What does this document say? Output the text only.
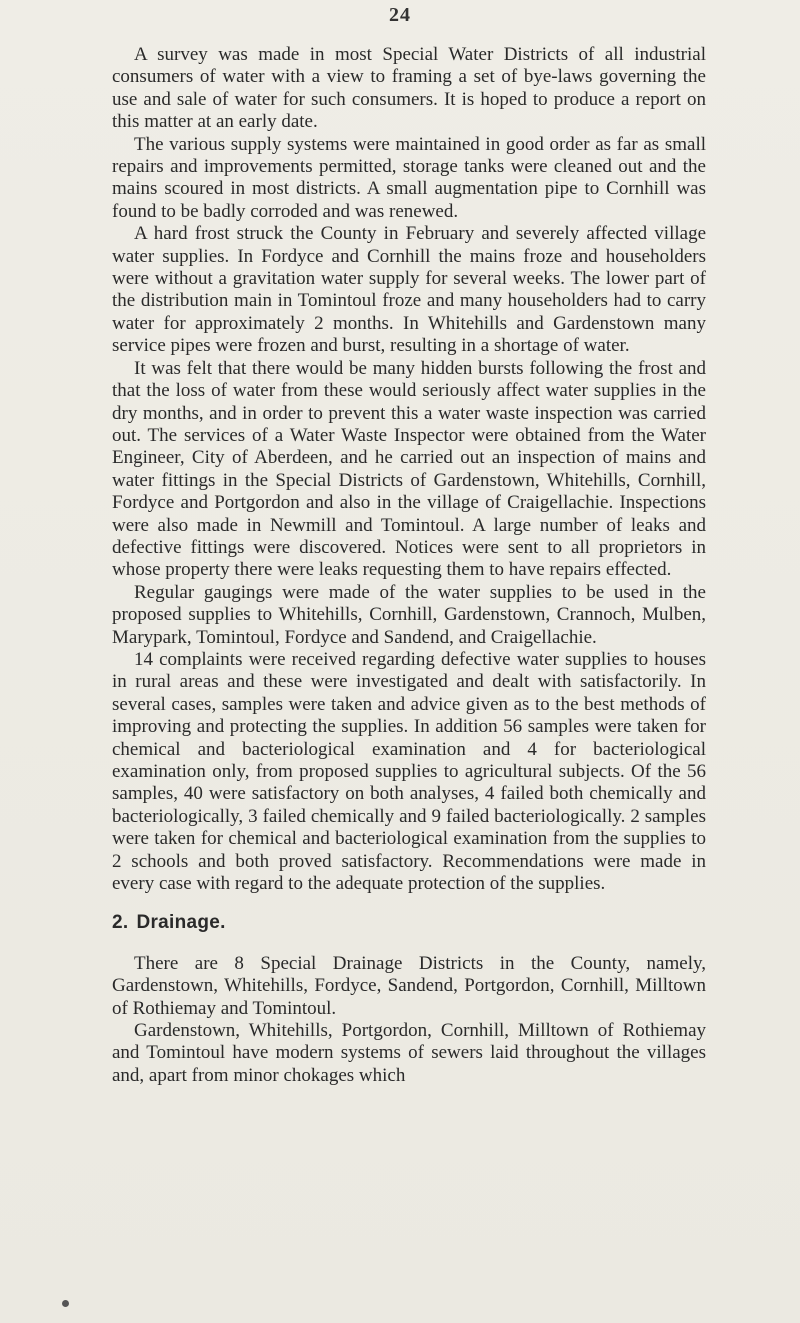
24

A survey was made in most Special Water Districts of all industrial consumers of water with a view to framing a set of bye-laws governing the use and sale of water for such consumers. It is hoped to produce a report on this matter at an early date.

The various supply systems were maintained in good order as far as small repairs and improvements permitted, storage tanks were cleaned out and the mains scoured in most districts. A small augmentation pipe to Cornhill was found to be badly corroded and was renewed.

A hard frost struck the County in February and severely affected village water supplies. In Fordyce and Cornhill the mains froze and householders were without a gravitation water supply for several weeks. The lower part of the distribution main in Tomintoul froze and many householders had to carry water for approximately 2 months. In Whitehills and Gardenstown many service pipes were frozen and burst, resulting in a shortage of water.

It was felt that there would be many hidden bursts following the frost and that the loss of water from these would seriously affect water supplies in the dry months, and in order to prevent this a water waste inspection was carried out. The services of a Water Waste Inspector were obtained from the Water Engineer, City of Aberdeen, and he carried out an inspection of mains and water fittings in the Special Districts of Gardenstown, Whitehills, Cornhill, Fordyce and Portgordon and also in the village of Craigellachie. Inspections were also made in Newmill and Tomintoul. A large number of leaks and defective fittings were discovered. Notices were sent to all proprietors in whose property there were leaks requesting them to have repairs effected.

Regular gaugings were made of the water supplies to be used in the proposed supplies to Whitehills, Cornhill, Gardenstown, Crannoch, Mulben, Marypark, Tomintoul, Fordyce and Sandend, and Craigellachie.

14 complaints were received regarding defective water supplies to houses in rural areas and these were investigated and dealt with satisfactorily. In several cases, samples were taken and advice given as to the best methods of improving and protecting the supplies. In addition 56 samples were taken for chemical and bacteriological examination and 4 for bacteriological examination only, from proposed supplies to agricultural subjects. Of the 56 samples, 40 were satisfactory on both analyses, 4 failed both chemically and bacteriologically, 3 failed chemically and 9 failed bacteriologically. 2 samples were taken for chemical and bacteriological examination from the supplies to 2 schools and both proved satisfactory. Recommendations were made in every case with regard to the adequate protection of the supplies.

2. Drainage.

There are 8 Special Drainage Districts in the County, namely, Gardenstown, Whitehills, Fordyce, Sandend, Portgordon, Cornhill, Milltown of Rothiemay and Tomintoul.

Gardenstown, Whitehills, Portgordon, Cornhill, Milltown of Rothiemay and Tomintoul have modern systems of sewers laid throughout the villages and, apart from minor chokages which
